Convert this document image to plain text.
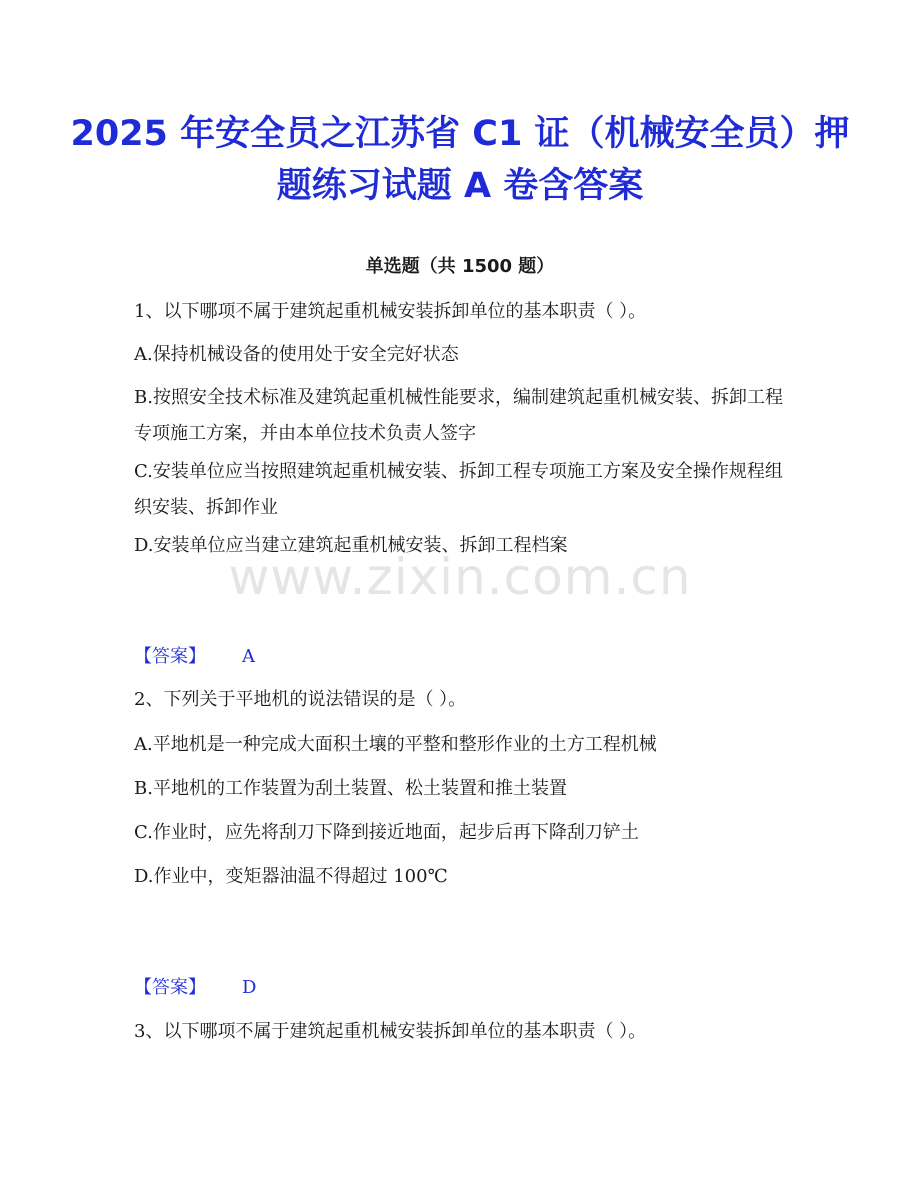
2025 年安全员之江苏省 C1 证（机械安全员）押题练习试题 A 卷含答案
单选题（共 1500 题）

1、以下哪项不属于建筑起重机械安装拆卸单位的基本职责（ ）。

A.保持机械设备的使用处于安全完好状态

B.按照安全技术标准及建筑起重机械性能要求，编制建筑起重机械安装、拆卸工程专项施工方案，并由本单位技术负责人签字

C.安装单位应当按照建筑起重机械安装、拆卸工程专项施工方案及安全操作规程组织安装、拆卸作业

D.安装单位应当建立建筑起重机械安装、拆卸工程档案

www.zixin.com.cn
【答案】 A

2、下列关于平地机的说法错误的是（ ）。

A.平地机是一种完成大面积土壤的平整和整形作业的土方工程机械

B.平地机的工作装置为刮土装置、松土装置和推土装置

C.作业时，应先将刮刀下降到接近地面，起步后再下降刮刀铲土

D.作业中，变矩器油温不得超过 100℃

【答案】 D

3、以下哪项不属于建筑起重机械安装拆卸单位的基本职责（ ）。
